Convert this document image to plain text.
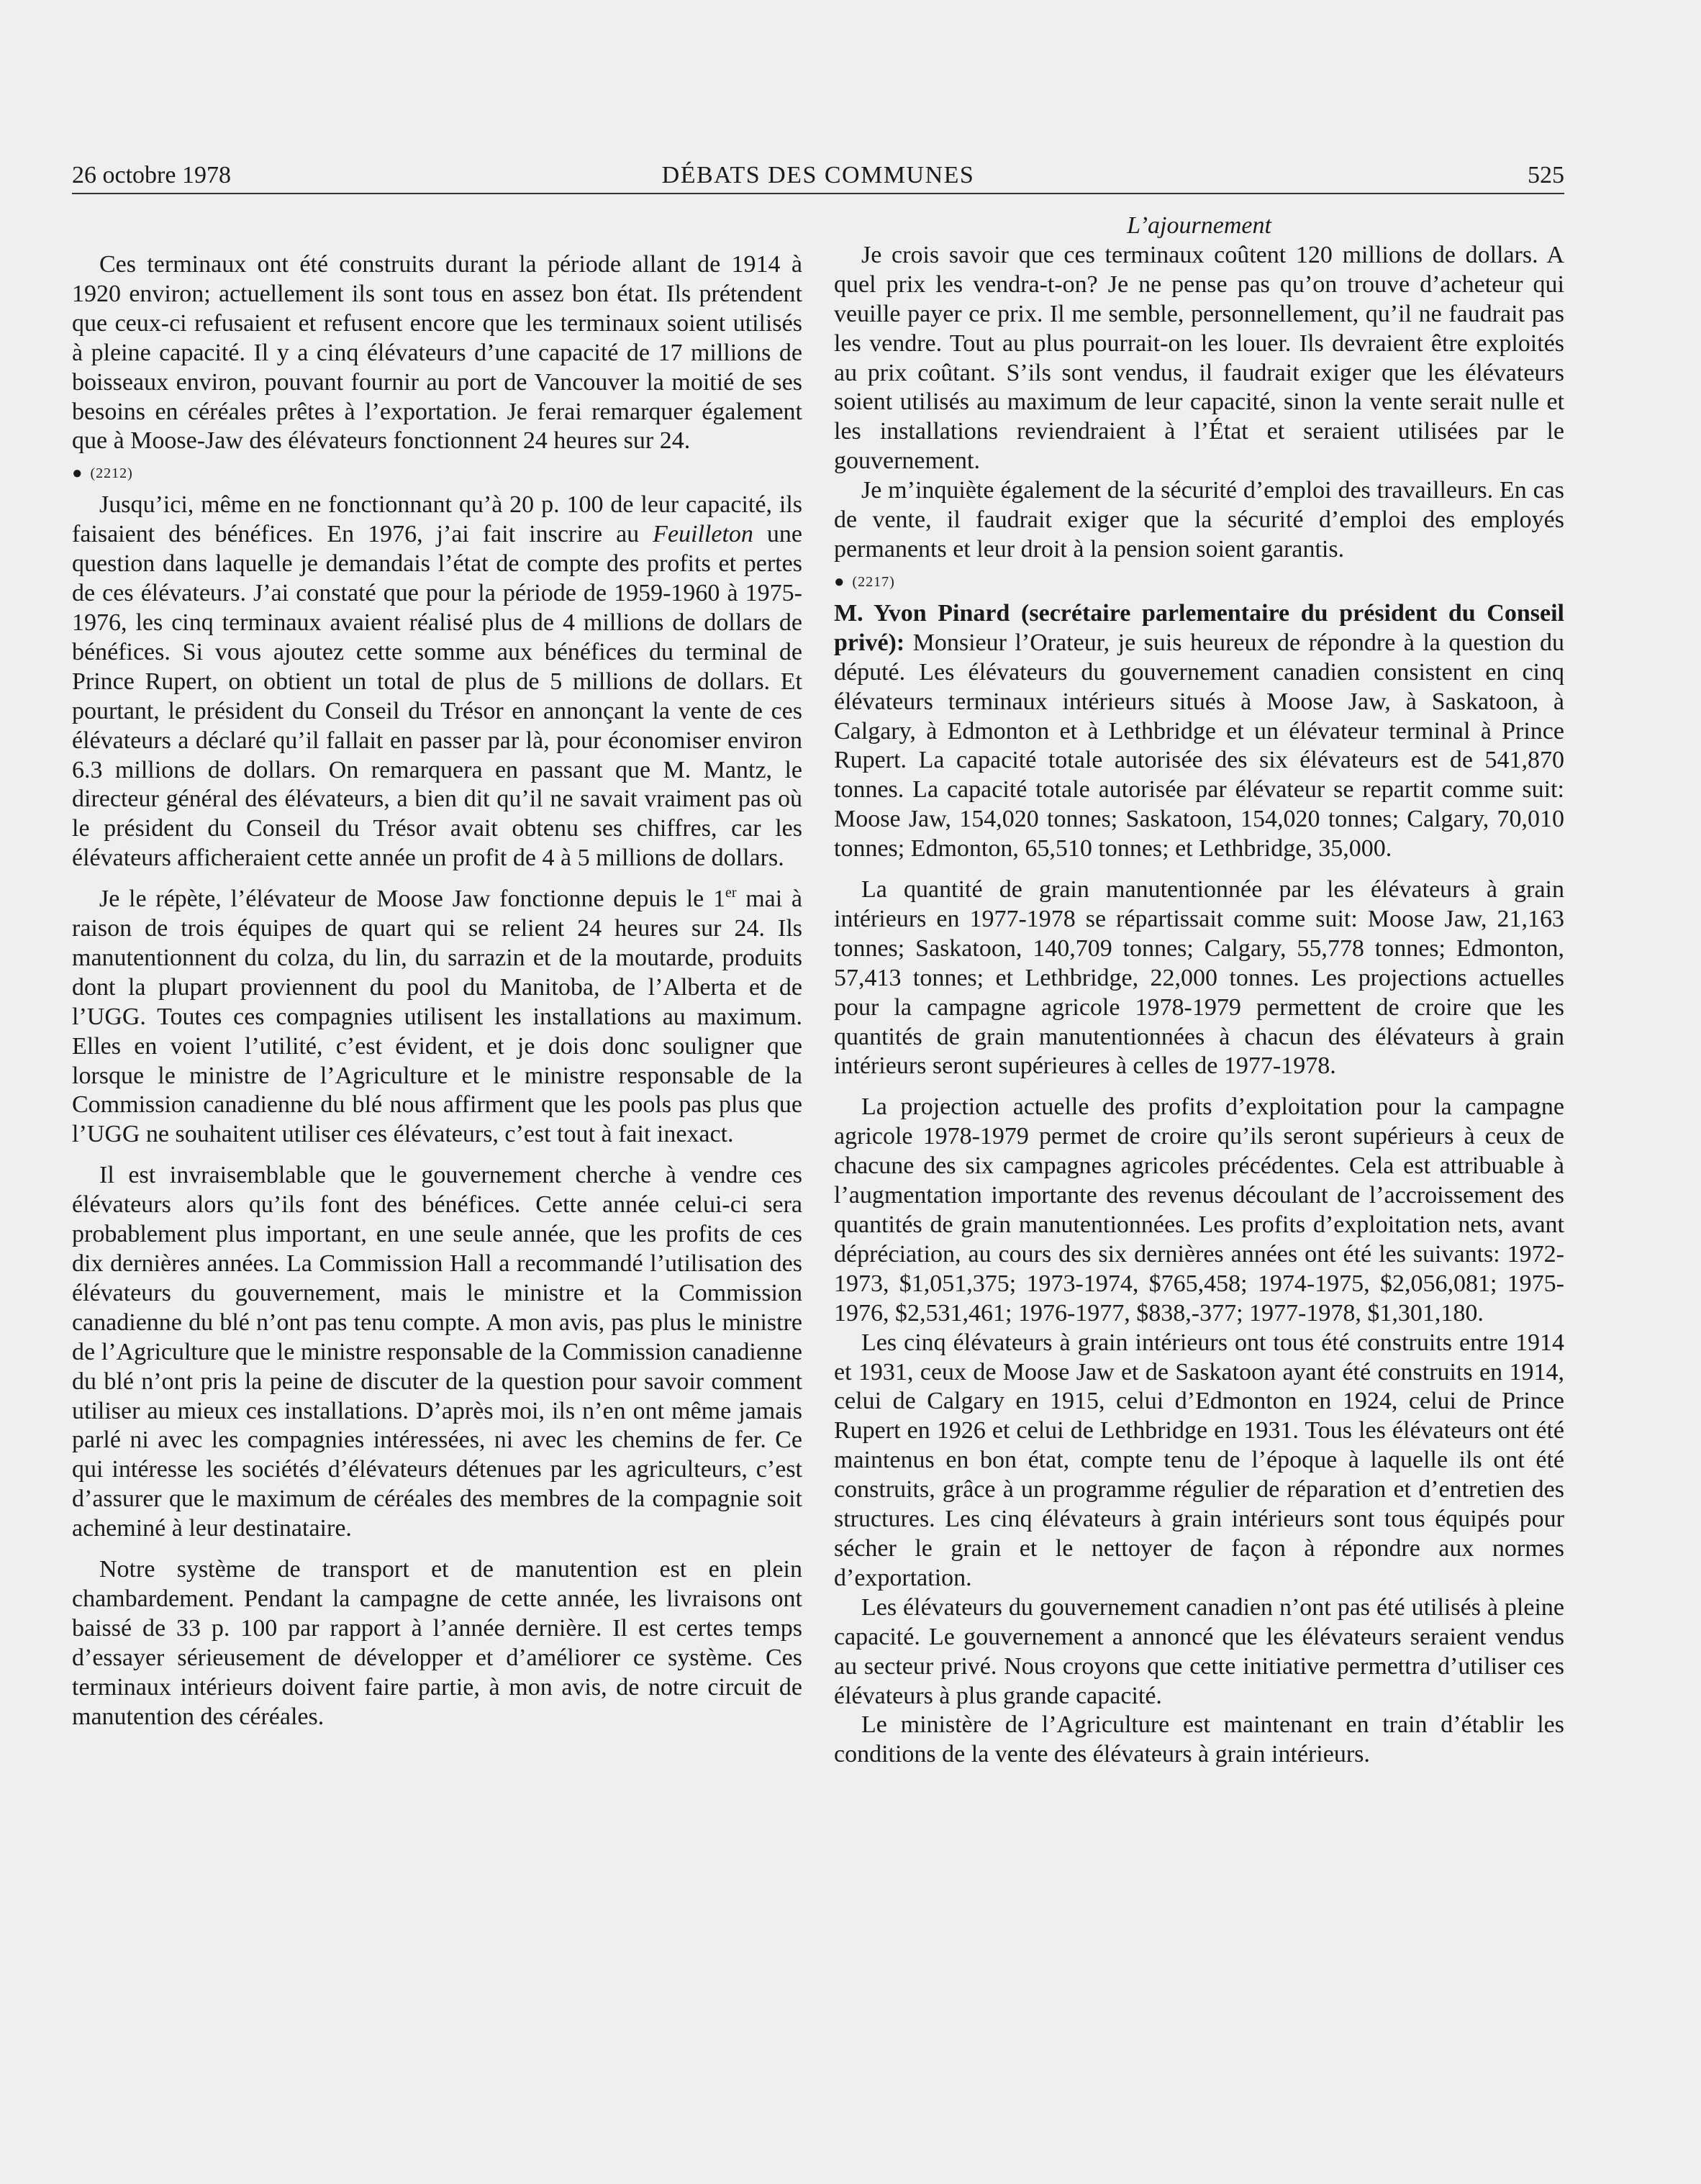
26 octobre 1978	DÉBATS DES COMMUNES	525

Ces terminaux ont été construits durant la période allant de 1914 à 1920 environ; actuellement ils sont tous en assez bon état. Ils prétendent que ceux-ci refusaient et refusent encore que les terminaux soient utilisés à pleine capacité. Il y a cinq élévateurs d’une capacité de 17 millions de boisseaux environ, pouvant fournir au port de Vancouver la moitié de ses besoins en céréales prêtes à l’exportation. Je ferai remarquer également que à Moose-Jaw des élévateurs fonctionnent 24 heures sur 24.

● (2212)

Jusqu’ici, même en ne fonctionnant qu’à 20 p. 100 de leur capacité, ils faisaient des bénéfices. En 1976, j’ai fait inscrire au Feuilleton une question dans laquelle je demandais l’état de compte des profits et pertes de ces élévateurs. J’ai constaté que pour la période de 1959-1960 à 1975-1976, les cinq terminaux avaient réalisé plus de 4 millions de dollars de bénéfices. Si vous ajoutez cette somme aux bénéfices du terminal de Prince Rupert, on obtient un total de plus de 5 millions de dollars. Et pourtant, le président du Conseil du Trésor en annonçant la vente de ces élévateurs a déclaré qu’il fallait en passer par là, pour économiser environ 6.3 millions de dollars. On remarquera en passant que M. Mantz, le directeur général des élévateurs, a bien dit qu’il ne savait vraiment pas où le président du Conseil du Trésor avait obtenu ses chiffres, car les élévateurs afficheraient cette année un profit de 4 à 5 millions de dollars.

Je le répète, l’élévateur de Moose Jaw fonctionne depuis le 1er mai à raison de trois équipes de quart qui se relient 24 heures sur 24. Ils manutentionnent du colza, du lin, du sarrazin et de la moutarde, produits dont la plupart proviennent du pool du Manitoba, de l’Alberta et de l’UGG. Toutes ces compagnies utilisent les installations au maximum. Elles en voient l’utilité, c’est évident, et je dois donc souligner que lorsque le ministre de l’Agriculture et le ministre responsable de la Commission canadienne du blé nous affirment que les pools pas plus que l’UGG ne souhaitent utiliser ces élévateurs, c’est tout à fait inexact.

Il est invraisemblable que le gouvernement cherche à vendre ces élévateurs alors qu’ils font des bénéfices. Cette année celui-ci sera probablement plus important, en une seule année, que les profits de ces dix dernières années. La Commission Hall a recommandé l’utilisation des élévateurs du gouvernement, mais le ministre et la Commission canadienne du blé n’ont pas tenu compte. A mon avis, pas plus le ministre de l’Agriculture que le ministre responsable de la Commission canadienne du blé n’ont pris la peine de discuter de la question pour savoir comment utiliser au mieux ces installations. D’après moi, ils n’en ont même jamais parlé ni avec les compagnies intéressées, ni avec les chemins de fer. Ce qui intéresse les sociétés d’élévateurs détenues par les agriculteurs, c’est d’assurer que le maximum de céréales des membres de la compagnie soit acheminé à leur destinataire.

Notre système de transport et de manutention est en plein chambardement. Pendant la campagne de cette année, les livraisons ont baissé de 33 p. 100 par rapport à l’année dernière. Il est certes temps d’essayer sérieusement de développer et d’améliorer ce système. Ces terminaux intérieurs doivent faire partie, à mon avis, de notre circuit de manutention des céréales.

L’ajournement

Je crois savoir que ces terminaux coûtent 120 millions de dollars. A quel prix les vendra-t-on? Je ne pense pas qu’on trouve d’acheteur qui veuille payer ce prix. Il me semble, personnellement, qu’il ne faudrait pas les vendre. Tout au plus pourrait-on les louer. Ils devraient être exploités au prix coûtant. S’ils sont vendus, il faudrait exiger que les élévateurs soient utilisés au maximum de leur capacité, sinon la vente serait nulle et les installations reviendraient à l’État et seraient utilisées par le gouvernement.

Je m’inquiète également de la sécurité d’emploi des travailleurs. En cas de vente, il faudrait exiger que la sécurité d’emploi des employés permanents et leur droit à la pension soient garantis.

● (2217)

M. Yvon Pinard (secrétaire parlementaire du président du Conseil privé): Monsieur l’Orateur, je suis heureux de répondre à la question du député. Les élévateurs du gouvernement canadien consistent en cinq élévateurs terminaux intérieurs situés à Moose Jaw, à Saskatoon, à Calgary, à Edmonton et à Lethbridge et un élévateur terminal à Prince Rupert. La capacité totale autorisée des six élévateurs est de 541,870 tonnes. La capacité totale autorisée par élévateur se repartit comme suit: Moose Jaw, 154,020 tonnes; Saskatoon, 154,020 tonnes; Calgary, 70,010 tonnes; Edmonton, 65,510 tonnes; et Lethbridge, 35,000.

La quantité de grain manutentionnée par les élévateurs à grain intérieurs en 1977-1978 se répartissait comme suit: Moose Jaw, 21,163 tonnes; Saskatoon, 140,709 tonnes; Calgary, 55,778 tonnes; Edmonton, 57,413 tonnes; et Lethbridge, 22,000 tonnes. Les projections actuelles pour la campagne agricole 1978-1979 permettent de croire que les quantités de grain manutentionnées à chacun des élévateurs à grain intérieurs seront supérieures à celles de 1977-1978.

La projection actuelle des profits d’exploitation pour la campagne agricole 1978-1979 permet de croire qu’ils seront supérieurs à ceux de chacune des six campagnes agricoles précédentes. Cela est attribuable à l’augmentation importante des revenus découlant de l’accroissement des quantités de grain manutentionnées. Les profits d’exploitation nets, avant dépréciation, au cours des six dernières années ont été les suivants: 1972-1973, $1,051,375; 1973-1974, $765,458; 1974-1975, $2,056,081; 1975-1976, $2,531,461; 1976-1977, $838,-377; 1977-1978, $1,301,180.

Les cinq élévateurs à grain intérieurs ont tous été construits entre 1914 et 1931, ceux de Moose Jaw et de Saskatoon ayant été construits en 1914, celui de Calgary en 1915, celui d’Edmonton en 1924, celui de Prince Rupert en 1926 et celui de Lethbridge en 1931. Tous les élévateurs ont été maintenus en bon état, compte tenu de l’époque à laquelle ils ont été construits, grâce à un programme régulier de réparation et d’entretien des structures. Les cinq élévateurs à grain intérieurs sont tous équipés pour sécher le grain et le nettoyer de façon à répondre aux normes d’exportation.

Les élévateurs du gouvernement canadien n’ont pas été utilisés à pleine capacité. Le gouvernement a annoncé que les élévateurs seraient vendus au secteur privé. Nous croyons que cette initiative permettra d’utiliser ces élévateurs à plus grande capacité.

Le ministère de l’Agriculture est maintenant en train d’établir les conditions de la vente des élévateurs à grain intérieurs.
